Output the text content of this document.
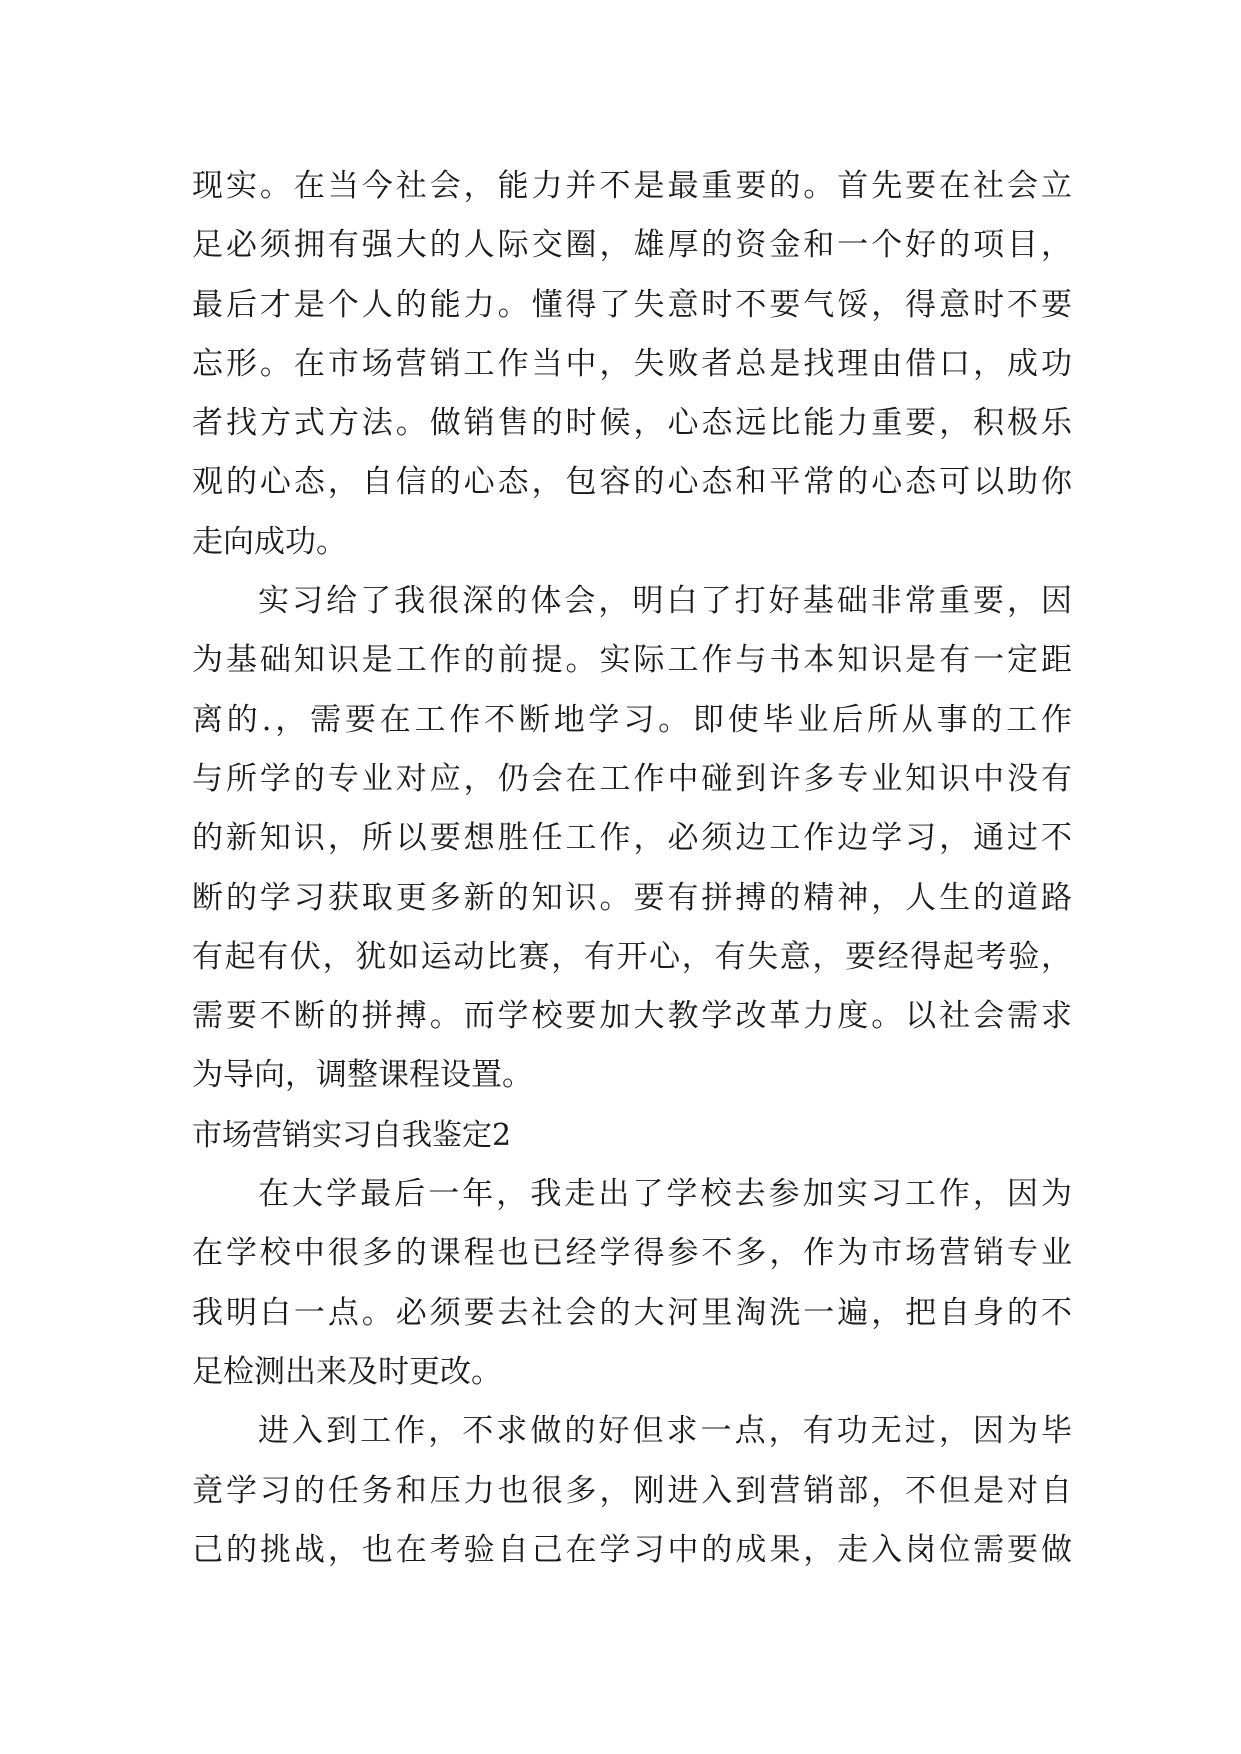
现实。在当今社会，能力并不是最重要的。首先要在社会立
足必须拥有强大的人际交圈，雄厚的资金和一个好的项目，
最后才是个人的能力。懂得了失意时不要气馁，得意时不要
忘形。在市场营销工作当中，失败者总是找理由借口，成功
者找方式方法。做销售的时候，心态远比能力重要，积极乐
观的心态，自信的心态，包容的心态和平常的心态可以助你
走向成功。
实习给了我很深的体会，明白了打好基础非常重要，因
为基础知识是工作的前提。实际工作与书本知识是有一定距
离的.，需要在工作不断地学习。即使毕业后所从事的工作
与所学的专业对应，仍会在工作中碰到许多专业知识中没有
的新知识，所以要想胜任工作，必须边工作边学习，通过不
断的学习获取更多新的知识。要有拼搏的精神，人生的道路
有起有伏，犹如运动比赛，有开心，有失意，要经得起考验，
需要不断的拼搏。而学校要加大教学改革力度。以社会需求
为导向，调整课程设置。
市场营销实习自我鉴定2
在大学最后一年，我走出了学校去参加实习工作，因为
在学校中很多的课程也已经学得参不多，作为市场营销专业
我明白一点。必须要去社会的大河里淘洗一遍，把自身的不
足检测出来及时更改。
进入到工作，不求做的好但求一点，有功无过，因为毕
竟学习的任务和压力也很多，刚进入到营销部，不但是对自
己的挑战，也在考验自己在学习中的成果，走入岗位需要做
